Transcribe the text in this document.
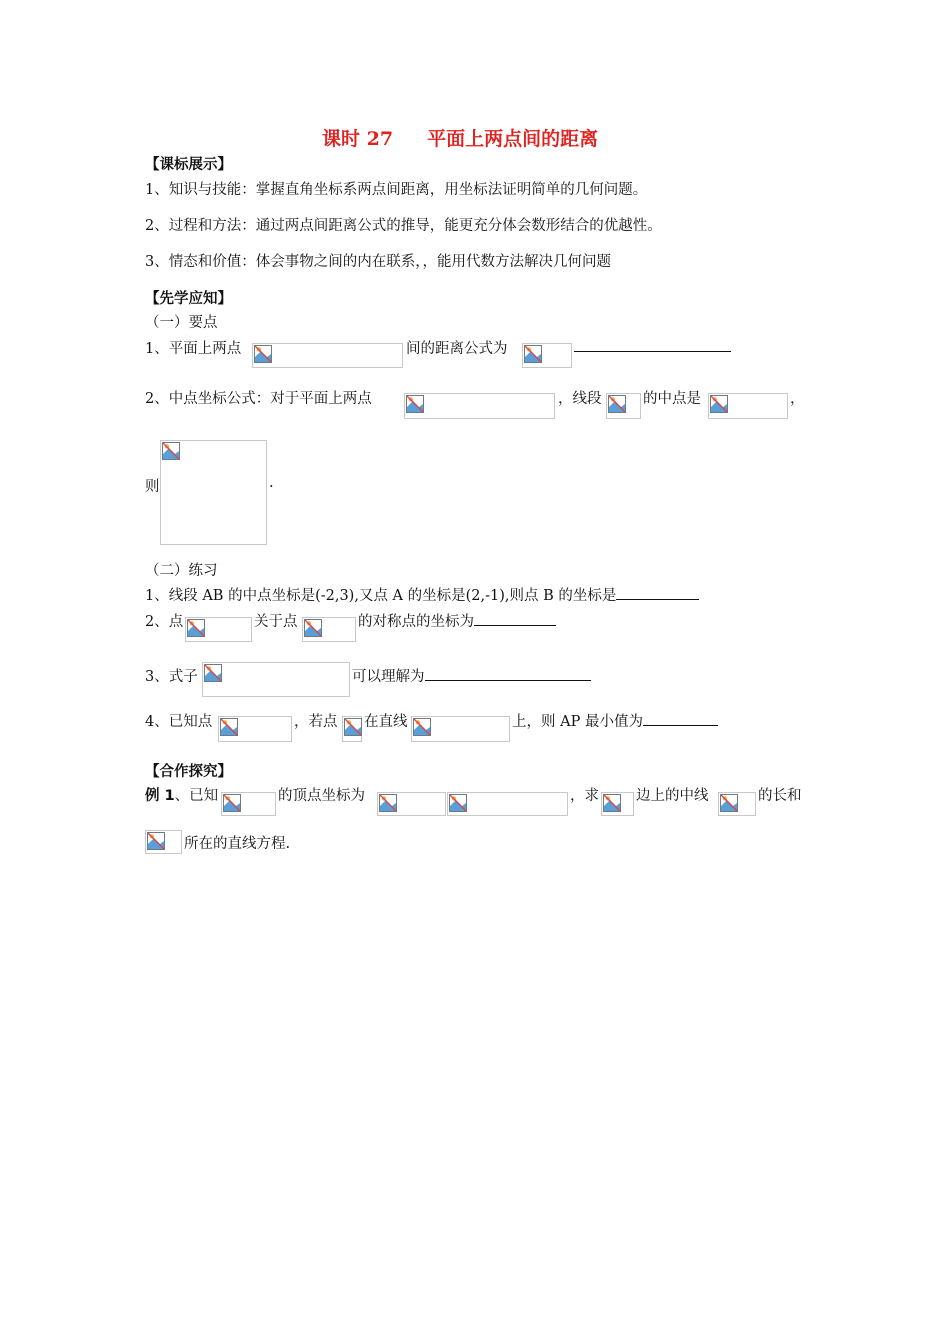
课时 27 平面上两点间的距离
【课标展示】
1、知识与技能：掌握直角坐标系两点间距离，用坐标法证明简单的几何问题。
2、过程和方法：通过两点间距离公式的推导，能更充分体会数形结合的优越性。
3、情态和价值：体会事物之间的内在联系，，能用代数方法解决几何问题
【先学应知】
（一）要点
1、平面上两点	间的距离公式为
2、中点坐标公式：对于平面上两点	，线段	的中点是	，
则	.
（二）练习
1、线段 AB 的中点坐标是(-2,3),又点 A 的坐标是(2,-1),则点 B 的坐标是
2、点	关于点	的对称点的坐标为
3、式子	可以理解为
4、已知点	，若点 在直线	上，则 AP 最小值为
【合作探究】
例 1、已知	的顶点坐标为	，求	边上的中线	的长和
所在的直线方程.
